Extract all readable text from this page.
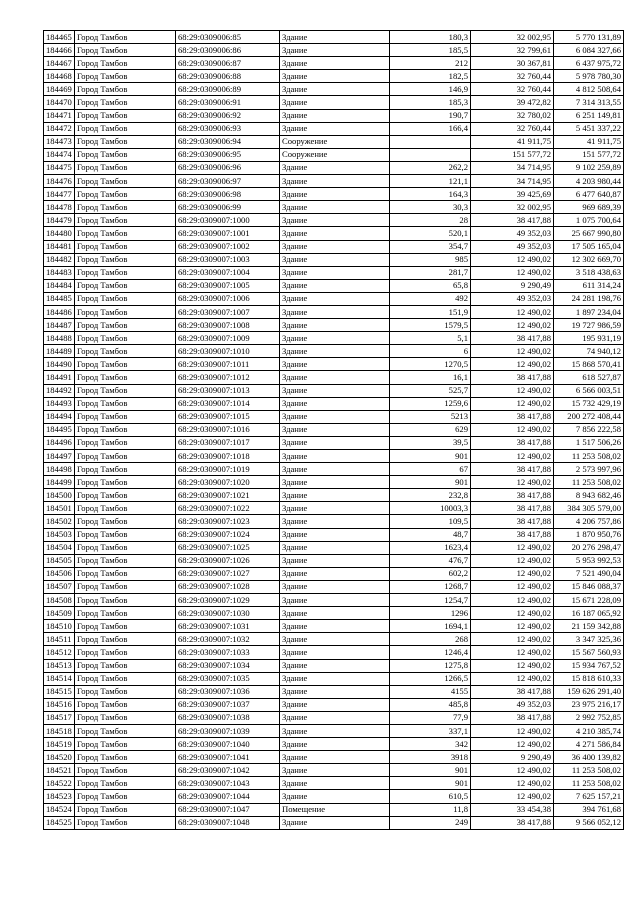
184465	Город Тамбов	68:29:0309006:85	Здание	180,3	32 002,95	5 770 131,89
184466	Город Тамбов	68:29:0309006:86	Здание	185,5	32 799,61	6 084 327,66
184467	Город Тамбов	68:29:0309006:87	Здание	212	30 367,81	6 437 975,72
184468	Город Тамбов	68:29:0309006:88	Здание	182,5	32 760,44	5 978 780,30
184469	Город Тамбов	68:29:0309006:89	Здание	146,9	32 760,44	4 812 508,64
184470	Город Тамбов	68:29:0309006:91	Здание	185,3	39 472,82	7 314 313,55
184471	Город Тамбов	68:29:0309006:92	Здание	190,7	32 780,02	6 251 149,81
184472	Город Тамбов	68:29:0309006:93	Здание	166,4	32 760,44	5 451 337,22
184473	Город Тамбов	68:29:0309006:94	Сооружение		41 911,75	41 911,75
184474	Город Тамбов	68:29:0309006:95	Сооружение		151 577,72	151 577,72
184475	Город Тамбов	68:29:0309006:96	Здание	262,2	34 714,95	9 102 259,89
184476	Город Тамбов	68:29:0309006:97	Здание	121,1	34 714,95	4 203 980,44
184477	Город Тамбов	68:29:0309006:98	Здание	164,3	39 425,69	6 477 640,87
184478	Город Тамбов	68:29:0309006:99	Здание	30,3	32 002,95	969 689,39
184479	Город Тамбов	68:29:0309007:1000	Здание	28	38 417,88	1 075 700,64
184480	Город Тамбов	68:29:0309007:1001	Здание	520,1	49 352,03	25 667 990,80
184481	Город Тамбов	68:29:0309007:1002	Здание	354,7	49 352,03	17 505 165,04
184482	Город Тамбов	68:29:0309007:1003	Здание	985	12 490,02	12 302 669,70
184483	Город Тамбов	68:29:0309007:1004	Здание	281,7	12 490,02	3 518 438,63
184484	Город Тамбов	68:29:0309007:1005	Здание	65,8	9 290,49	611 314,24
184485	Город Тамбов	68:29:0309007:1006	Здание	492	49 352,03	24 281 198,76
184486	Город Тамбов	68:29:0309007:1007	Здание	151,9	12 490,02	1 897 234,04
184487	Город Тамбов	68:29:0309007:1008	Здание	1579,5	12 490,02	19 727 986,59
184488	Город Тамбов	68:29:0309007:1009	Здание	5,1	38 417,88	195 931,19
184489	Город Тамбов	68:29:0309007:1010	Здание	6	12 490,02	74 940,12
184490	Город Тамбов	68:29:0309007:1011	Здание	1270,5	12 490,02	15 868 570,41
184491	Город Тамбов	68:29:0309007:1012	Здание	16,1	38 417,88	618 527,87
184492	Город Тамбов	68:29:0309007:1013	Здание	525,7	12 490,02	6 566 003,51
184493	Город Тамбов	68:29:0309007:1014	Здание	1259,6	12 490,02	15 732 429,19
184494	Город Тамбов	68:29:0309007:1015	Здание	5213	38 417,88	200 272 408,44
184495	Город Тамбов	68:29:0309007:1016	Здание	629	12 490,02	7 856 222,58
184496	Город Тамбов	68:29:0309007:1017	Здание	39,5	38 417,88	1 517 506,26
184497	Город Тамбов	68:29:0309007:1018	Здание	901	12 490,02	11 253 508,02
184498	Город Тамбов	68:29:0309007:1019	Здание	67	38 417,88	2 573 997,96
184499	Город Тамбов	68:29:0309007:1020	Здание	901	12 490,02	11 253 508,02
184500	Город Тамбов	68:29:0309007:1021	Здание	232,8	38 417,88	8 943 682,46
184501	Город Тамбов	68:29:0309007:1022	Здание	10003,3	38 417,88	384 305 579,00
184502	Город Тамбов	68:29:0309007:1023	Здание	109,5	38 417,88	4 206 757,86
184503	Город Тамбов	68:29:0309007:1024	Здание	48,7	38 417,88	1 870 950,76
184504	Город Тамбов	68:29:0309007:1025	Здание	1623,4	12 490,02	20 276 298,47
184505	Город Тамбов	68:29:0309007:1026	Здание	476,7	12 490,02	5 953 992,53
184506	Город Тамбов	68:29:0309007:1027	Здание	602,2	12 490,02	7 521 490,04
184507	Город Тамбов	68:29:0309007:1028	Здание	1268,7	12 490,02	15 846 088,37
184508	Город Тамбов	68:29:0309007:1029	Здание	1254,7	12 490,02	15 671 228,09
184509	Город Тамбов	68:29:0309007:1030	Здание	1296	12 490,02	16 187 065,92
184510	Город Тамбов	68:29:0309007:1031	Здание	1694,1	12 490,02	21 159 342,88
184511	Город Тамбов	68:29:0309007:1032	Здание	268	12 490,02	3 347 325,36
184512	Город Тамбов	68:29:0309007:1033	Здание	1246,4	12 490,02	15 567 560,93
184513	Город Тамбов	68:29:0309007:1034	Здание	1275,8	12 490,02	15 934 767,52
184514	Город Тамбов	68:29:0309007:1035	Здание	1266,5	12 490,02	15 818 610,33
184515	Город Тамбов	68:29:0309007:1036	Здание	4155	38 417,88	159 626 291,40
184516	Город Тамбов	68:29:0309007:1037	Здание	485,8	49 352,03	23 975 216,17
184517	Город Тамбов	68:29:0309007:1038	Здание	77,9	38 417,88	2 992 752,85
184518	Город Тамбов	68:29:0309007:1039	Здание	337,1	12 490,02	4 210 385,74
184519	Город Тамбов	68:29:0309007:1040	Здание	342	12 490,02	4 271 586,84
184520	Город Тамбов	68:29:0309007:1041	Здание	3918	9 290,49	36 400 139,82
184521	Город Тамбов	68:29:0309007:1042	Здание	901	12 490,02	11 253 508,02
184522	Город Тамбов	68:29:0309007:1043	Здание	901	12 490,02	11 253 508,02
184523	Город Тамбов	68:29:0309007:1044	Здание	610,5	12 490,02	7 625 157,21
184524	Город Тамбов	68:29:0309007:1047	Помещение	11,8	33 454,38	394 761,68
184525	Город Тамбов	68:29:0309007:1048	Здание	249	38 417,88	9 566 052,12
